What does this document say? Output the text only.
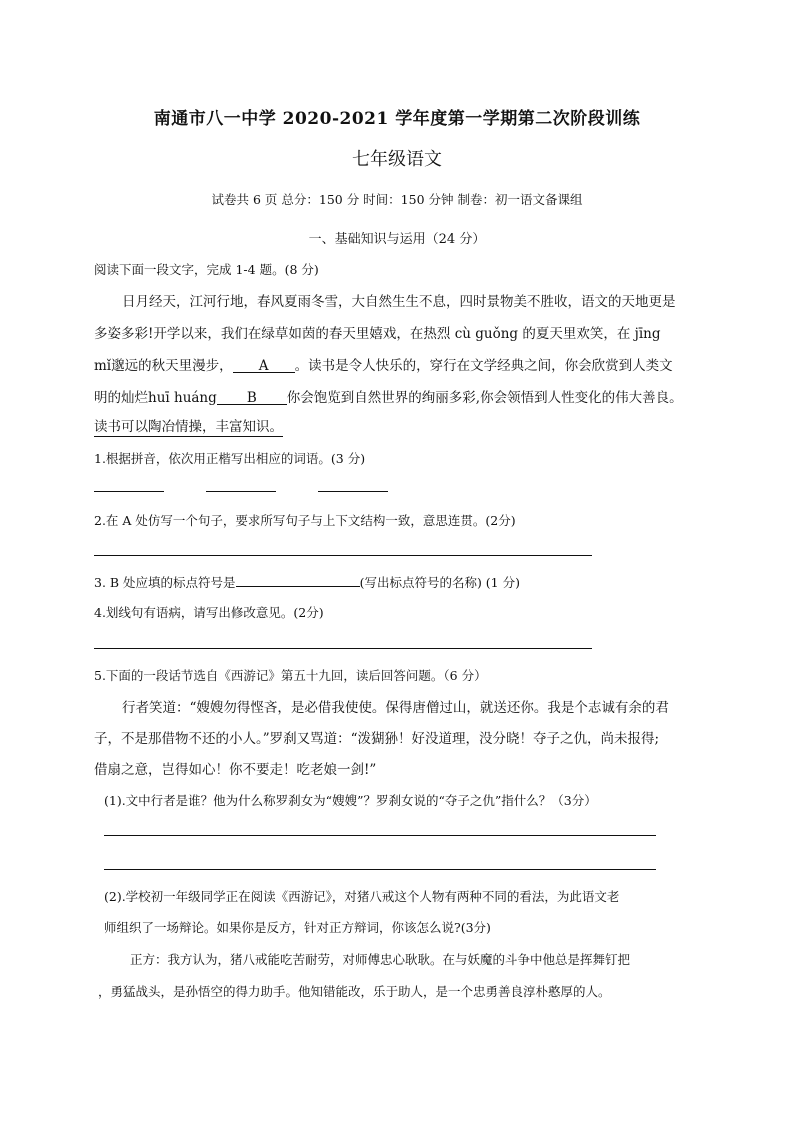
南通市八一中学 2020-2021 学年度第一学期第二次阶段训练
七年级语文
试卷共 6 页 总分：150 分 时间：150 分钟 制卷：初一语文备课组
一、基础知识与运用（24 分）
阅读下面一段文字，完成 1-4 题。(8 分)
日月经天，江河行地，春风夏雨冬雪，大自然生生不息，四时景物美不胜收，语文的天地更是
多姿多彩!开学以来，我们在绿草如茵的春天里嬉戏，在热烈 cù guǒng 的夏天里欢笑，在 jīng
mǐ邈远的秋天里漫步， A 。读书是令人快乐的，穿行在文学经典之间，你会欣赏到人类文
明的灿烂huī huáng B 你会饱览到自然世界的绚丽多彩,你会领悟到人性变化的伟大善良。
读书可以陶冶情操，丰富知识。
1.根据拼音，依次用正楷写出相应的词语。(3 分)
2.在 A 处仿写一个句子，要求所写句子与上下文结构一致，意思连贯。(2分)
3. B 处应填的标点符号是	(写出标点符号的名称) (1 分)
4.划线句有语病，请写出修改意见。(2分)
5.下面的一段话节选自《西游记》第五十九回，读后回答问题。（6 分）
行者笑道：“嫂嫂勿得悭吝，是必借我使使。保得唐僧过山，就送还你。我是个志诚有余的君
子，不是那借物不还的小人。”罗刹又骂道：“泼猢狲！好没道理，没分晓！夺子之仇，尚未报得;
借扇之意，岂得如心！你不要走！吃老娘一剑!”
(1).文中行者是谁？他为什么称罗刹女为“嫂嫂”？罗刹女说的“夺子之仇”指什么？（3分）
(2).学校初一年级同学正在阅读《西游记》，对猪八戒这个人物有两种不同的看法，为此语文老
师组织了一场辩论。如果你是反方，针对正方辩词，你该怎么说?(3分)
正方：我方认为，猪八戒能吃苦耐劳，对师傅忠心耿耿。在与妖魔的斗争中他总是挥舞钉把
，勇猛战头，是孙悟空的得力助手。他知错能改，乐于助人，是一个忠勇善良淳朴憨厚的人。
